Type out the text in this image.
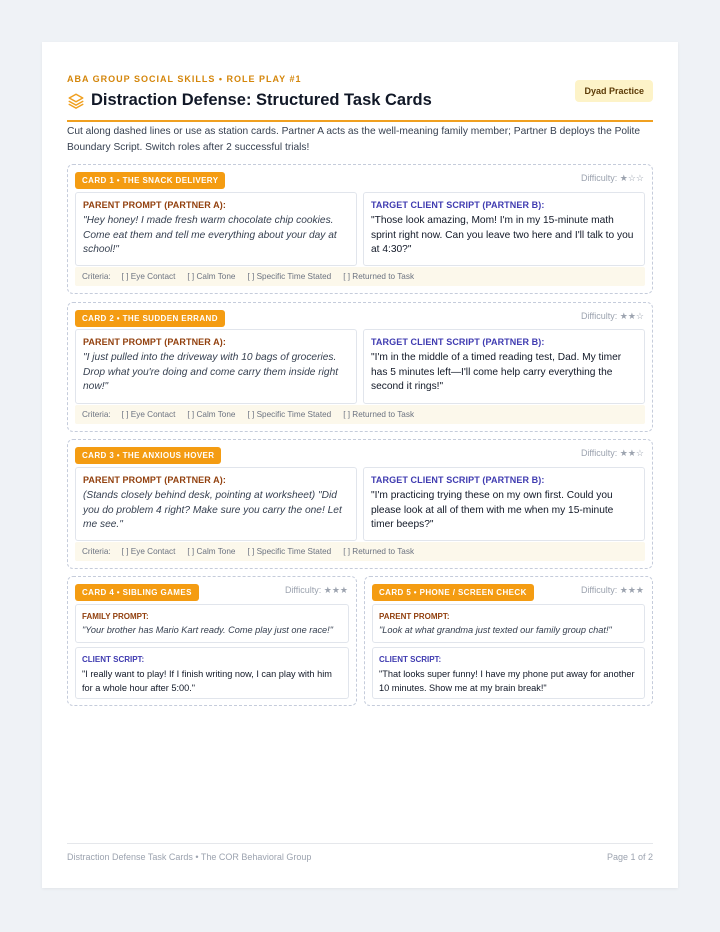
ABA GROUP SOCIAL SKILLS • ROLE PLAY #1
Distraction Defense: Structured Task Cards	Dyad Practice
Cut along dashed lines or use as station cards. Partner A acts as the well-meaning family member; Partner B deploys the Polite Boundary Script. Switch roles after 2 successful trials!
CARD 1 • THE SNACK DELIVERY	Difficulty: ★☆☆
PARENT PROMPT (PARTNER A):
"Hey honey! I made fresh warm chocolate chip cookies. Come eat them and tell me everything about your day at school!"
TARGET CLIENT SCRIPT (PARTNER B):
"Those look amazing, Mom! I'm in my 15-minute math sprint right now. Can you leave two here and I'll talk to you at 4:30?"
Criteria: [ ] Eye Contact [ ] Calm Tone [ ] Specific Time Stated [ ] Returned to Task
CARD 2 • THE SUDDEN ERRAND	Difficulty: ★★☆
PARENT PROMPT (PARTNER A):
"I just pulled into the driveway with 10 bags of groceries. Drop what you're doing and come carry them inside right now!"
TARGET CLIENT SCRIPT (PARTNER B):
"I'm in the middle of a timed reading test, Dad. My timer has 5 minutes left—I'll come help carry everything the second it rings!"
Criteria: [ ] Eye Contact [ ] Calm Tone [ ] Specific Time Stated [ ] Returned to Task
CARD 3 • THE ANXIOUS HOVER	Difficulty: ★★☆
PARENT PROMPT (PARTNER A):
(Stands closely behind desk, pointing at worksheet) "Did you do problem 4 right? Make sure you carry the one! Let me see."
TARGET CLIENT SCRIPT (PARTNER B):
"I'm practicing trying these on my own first. Could you please look at all of them with me when my 15-minute timer beeps?"
Criteria: [ ] Eye Contact [ ] Calm Tone [ ] Specific Time Stated [ ] Returned to Task
CARD 4 • SIBLING GAMES	Difficulty: ★★★
FAMILY PROMPT:
"Your brother has Mario Kart ready. Come play just one race!"
CLIENT SCRIPT:
"I really want to play! If I finish writing now, I can play with him for a whole hour after 5:00."
CARD 5 • PHONE / SCREEN CHECK	Difficulty: ★★★
PARENT PROMPT:
"Look at what grandma just texted our family group chat!"
CLIENT SCRIPT:
"That looks super funny! I have my phone put away for another 10 minutes. Show me at my brain break!"
Distraction Defense Task Cards • The COR Behavioral Group	Page 1 of 2
